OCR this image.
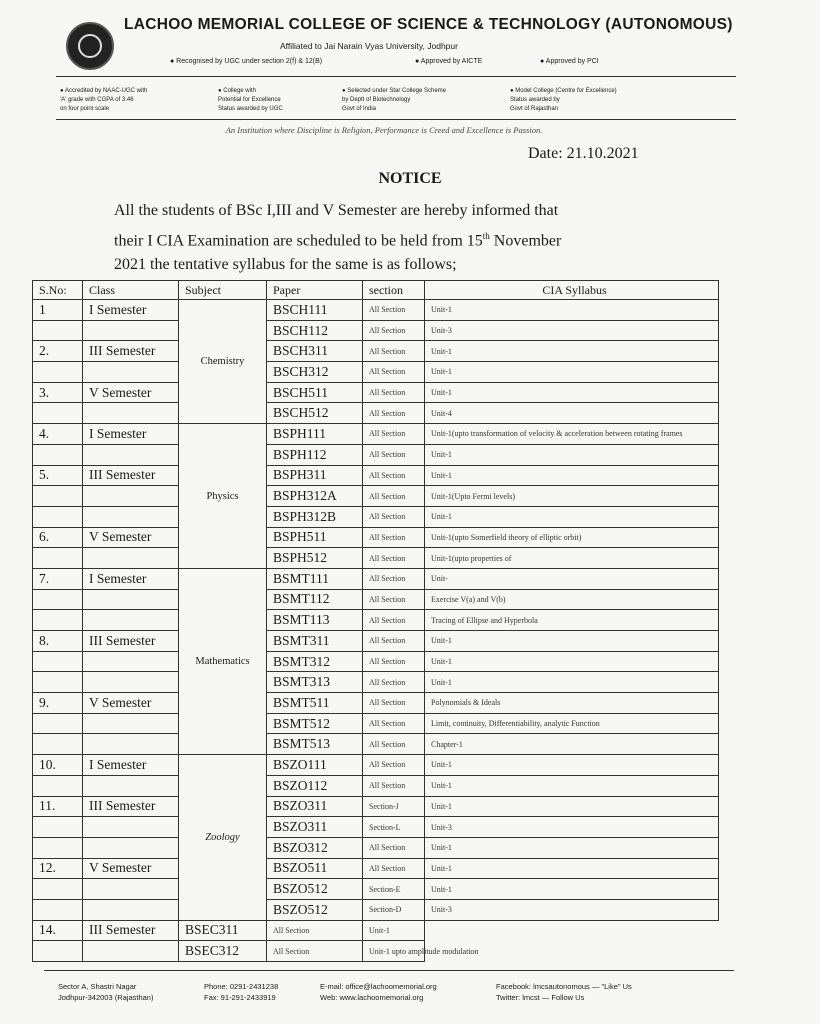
LACHOO MEMORIAL COLLEGE OF SCIENCE & TECHNOLOGY (AUTONOMOUS)
Affiliated to Jai Narain Vyas University, Jodhpur
● Recognised by UGC under section 2(f) & 12(B)	● Approved by AICTE	● Approved by PCI
● Accredited by NAAC-UGC with
'A' grade with CGPA of 3.46
on four point scale
● College with
Potential for Excellence
Status awarded by UGC
● Selected under Star College Scheme
by Deptt of Biotechnology
Govt of India
● Model College (Centre for Excellence)
Status awarded by
Govt of Rajasthan
An Institution where Discipline is Religion, Performance is Creed and Excellence is Passion.
Date: 21.10.2021
NOTICE
All the students of BSc I,III and V Semester are hereby informed that
their I CIA Examination are scheduled to be held from 15th November
2021 the tentative syllabus for the same is as follows;
S.No:	Class	Subject	Paper	section	CIA Syllabus
1	I Semester	Chemistry	BSCH111	All Section	Unit-1
			BSCH112	All Section	Unit-3
2.	III Semester		BSCH311	All Section	Unit-1
			BSCH312	All Section	Unit-1
3.	V Semester		BSCH511	All Section	Unit-1
			BSCH512	All Section	Unit-4
4.	I Semester	Physics	BSPH111	All Section	Unit-1(upto transformation of velocity & acceleration between rotating frames
			BSPH112	All Section	Unit-1
5.	III Semester		BSPH311	All Section	Unit-1
			BSPH312A	All Section	Unit-1(Upto Fermi levels)
			BSPH312B	All Section	Unit-1
6.	V Semester		BSPH511	All Section	Unit-1(upto Somerfield theory of elliptic orbit)
			BSPH512	All Section	Unit-1(upto properties of
7.	I Semester	Mathematics	BSMT111	All Section	Unit-
			BSMT112	All Section	Exercise V(a) and V(b)
			BSMT113	All Section	Tracing of Ellipse and Hyperbola
8.	III Semester		BSMT311	All Section	Unit-1
			BSMT312	All Section	Unit-1
			BSMT313	All Section	Unit-1
9.	V Semester		BSMT511	All Section	Polynomials & Ideals
			BSMT512	All Section	Limit, continuity, Differentiability, analytic Function
			BSMT513	All Section	Chapter-1
10.	I Semester	Zoology	BSZO111	All Section	Unit-1
			BSZO112	All Section	Unit-1
11.	III Semester		BSZO311	Section-J	Unit-1
			BSZO311	Section-L	Unit-3
			BSZO312	All Section	Unit-1
12.	V Semester		BSZO511	All Section	Unit-1
			BSZO512	Section-E	Unit-1
			BSZO512	Section-D	Unit-3
14.	III Semester	BSEC311	All Section	Unit-1	
		BSEC312	All Section	Unit-1 upto amplitude modulation	
Sector A, Shastri Nagar
Jodhpur-342003 (Rajasthan)
Phone: 0291-2431238
Fax: 91-291-2433919
E-mail: office@lachoomemorial.org
Web: www.lachoomemorial.org
Facebook: lmcsautonomous — "Like" Us
Twitter: lmcst — Follow Us
